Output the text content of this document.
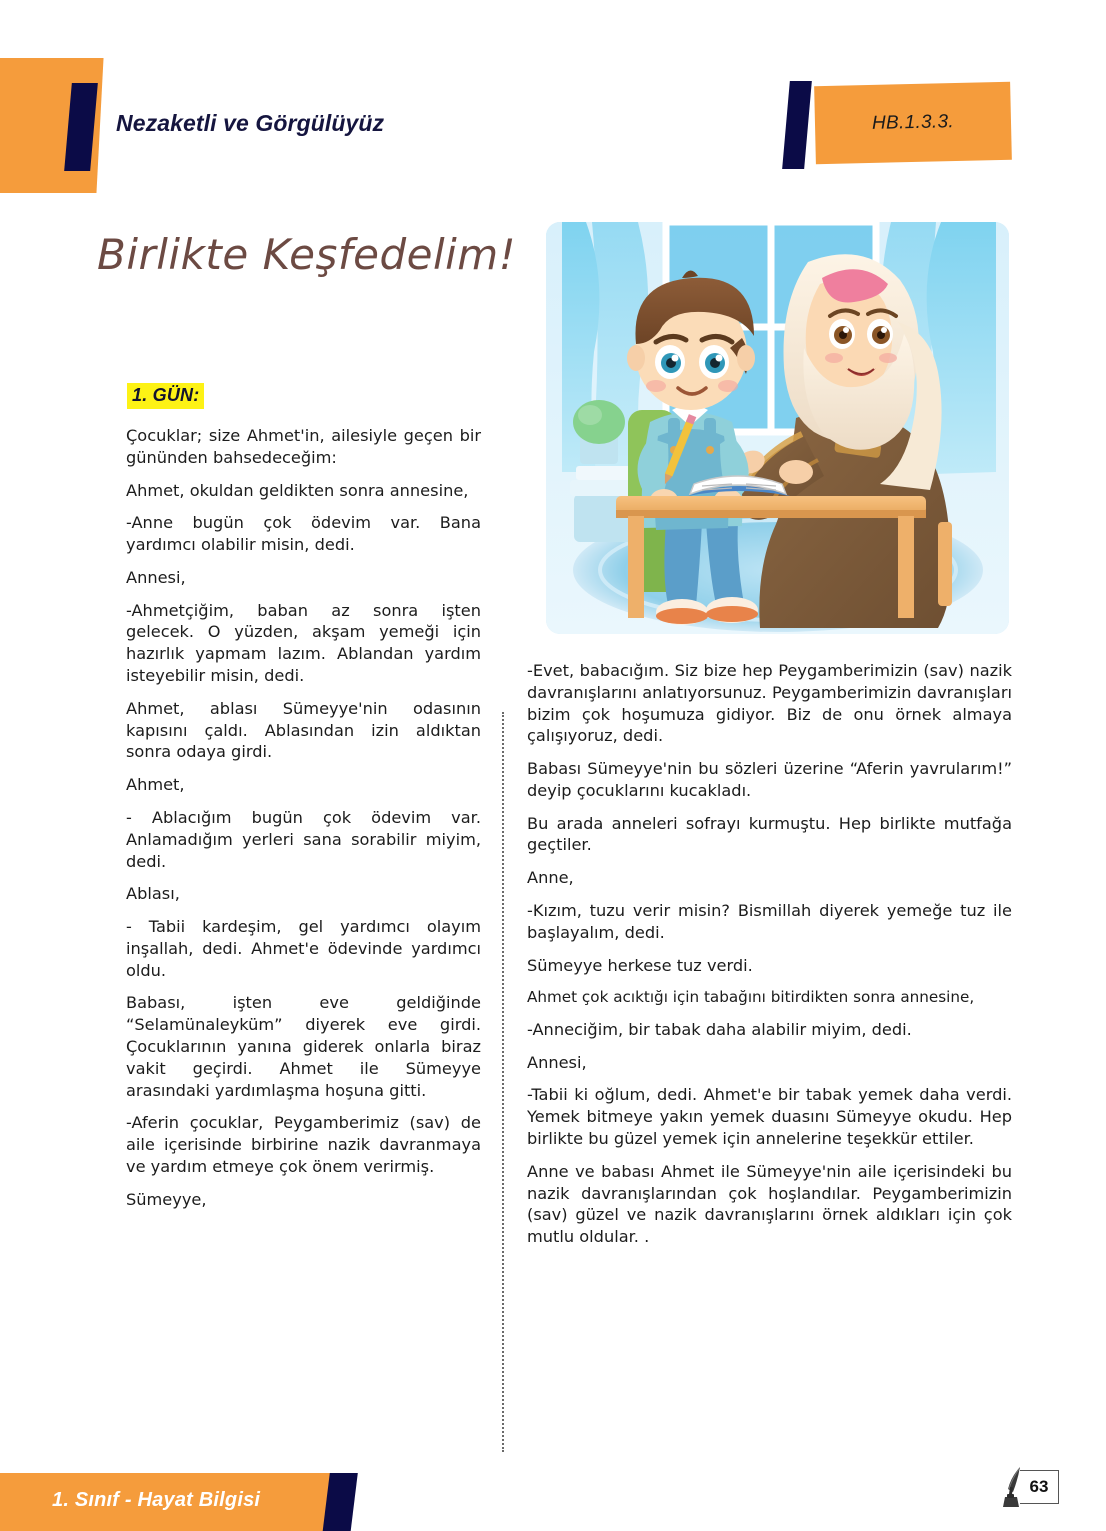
Nezaketli ve Görgülüyüz	HB.1.3.3.
Birlikte Keşfedelim!
1. GÜN:

Çocuklar; size Ahmet'in, ailesiyle geçen bir gününden bahsedeceğim:

Ahmet, okuldan geldikten sonra annesine,

-Anne bugün çok ödevim var. Bana yardımcı olabilir misin, dedi.

Annesi,

-Ahmetçiğim, baban az sonra işten gelecek. O yüzden, akşam yemeği için hazırlık yapmam lazım. Ablandan yardım isteyebilir misin, dedi.

Ahmet, ablası Sümeyye'nin odasının kapısını çaldı. Ablasından izin aldıktan sonra odaya girdi.

Ahmet,

- Ablacığım bugün çok ödevim var. Anlamadığım yerleri sana sorabilir miyim, dedi.

Ablası,

- Tabii kardeşim, gel yardımcı olayım inşallah, dedi. Ahmet'e ödevinde yardımcı oldu.

Babası, işten eve geldiğinde “Selamünaleyküm” diyerek eve girdi. Çocuklarının yanına giderek onlarla biraz vakit geçirdi. Ahmet ile Sümeyye arasındaki yardımlaşma hoşuna gitti.

-Aferin çocuklar, Peygamberimiz (sav) de aile içerisinde birbirine nazik davranmaya ve yardım etmeye çok önem verirmiş.

Sümeyye,

-Evet, babacığım. Siz bize hep Peygamberimizin (sav) nazik davranışlarını anlatıyorsunuz. Peygamberimizin davranışları bizim çok hoşumuza gidiyor. Biz de onu örnek almaya çalışıyoruz, dedi.

Babası Sümeyye'nin bu sözleri üzerine “Aferin yavrularım!” deyip çocuklarını kucakladı.

Bu arada anneleri sofrayı kurmuştu. Hep birlikte mutfağa geçtiler.

Anne,

-Kızım, tuzu verir misin? Bismillah diyerek yemeğe tuz ile başlayalım, dedi.

Sümeyye herkese tuz verdi.

Ahmet çok acıktığı için tabağını bitirdikten sonra annesine,

-Anneciğim, bir tabak daha alabilir miyim, dedi.

Annesi,

-Tabii ki oğlum, dedi. Ahmet'e bir tabak yemek daha verdi. Yemek bitmeye yakın yemek duasını Sümeyye okudu. Hep birlikte bu güzel yemek için annelerine teşekkür ettiler.

Anne ve babası Ahmet ile Sümeyye'nin aile içerisindeki bu nazik davranışlarından çok hoşlandılar. Peygamberimizin (sav) güzel ve nazik davranışlarını örnek aldıkları için çok mutlu oldular. .

1. Sınıf - Hayat Bilgisi
63
